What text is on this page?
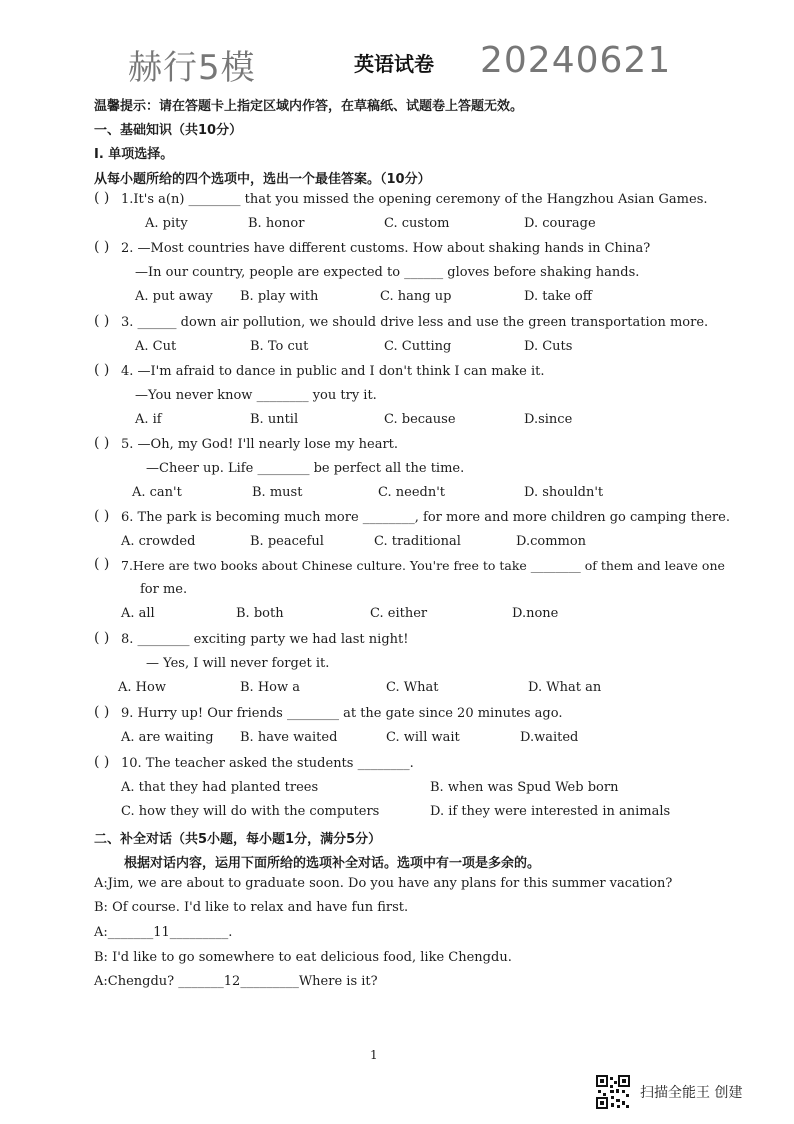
赫行5模	英语试卷 20240621
温馨提示：请在答题卡上指定区域内作答，在草稿纸、试题卷上答题无效。
一、基础知识（共10分）
I. 单项选择。
从每小题所给的四个选项中，选出一个最佳答案。（10分）
( ) 1.It's a(n) ________ that you missed the opening ceremony of the Hangzhou Asian Games.
A. pity	B. honor	C. custom	D. courage
( ) 2. —Most countries have different customs. How about shaking hands in China?
—In our country, people are expected to ______ gloves before shaking hands.
A. put away B. play with	C. hang up	D. take off
( ) 3. ______ down air pollution, we should drive less and use the green transportation more.
A. Cut	B. To cut	C. Cutting	D. Cuts
( ) 4. —I'm afraid to dance in public and I don't think I can make it.
—You never know ________ you try it.
A. if	B. until	C. because	D.since
( ) 5. —Oh, my God! I'll nearly lose my heart.
—Cheer up. Life ________ be perfect all the time.
A. can't	B. must	C. needn't	D. shouldn't
( ) 6. The park is becoming much more ________, for more and more children go camping there.
A. crowded	B. peaceful	C. traditional	D.common
( ) 7.Here are two books about Chinese culture. You're free to take ________ of them and leave one
for me.
A. all	B. both	C. either	D.none
( ) 8. ________ exciting party we had last night!
— Yes, I will never forget it.
A. How	B. How a	C. What	D. What an
( ) 9. Hurry up! Our friends ________ at the gate since 20 minutes ago.
A. are waiting B. have waited	C. will wait	D.waited
( ) 10. The teacher asked the students ________.
A. that they had planted trees	B. when was Spud Web born
C. how they will do with the computers	D. if they were interested in animals
二、补全对话（共5小题，每小题1分，满分5分）
根据对话内容，运用下面所给的选项补全对话。选项中有一项是多余的。
A:Jim, we are about to graduate soon. Do you have any plans for this summer vacation?
B: Of course. I'd like to relax and have fun first.
A:_______11_________.
B: I'd like to go somewhere to eat delicious food, like Chengdu.
A:Chengdu? _______12_________Where is it?
1
扫描全能王 创建
